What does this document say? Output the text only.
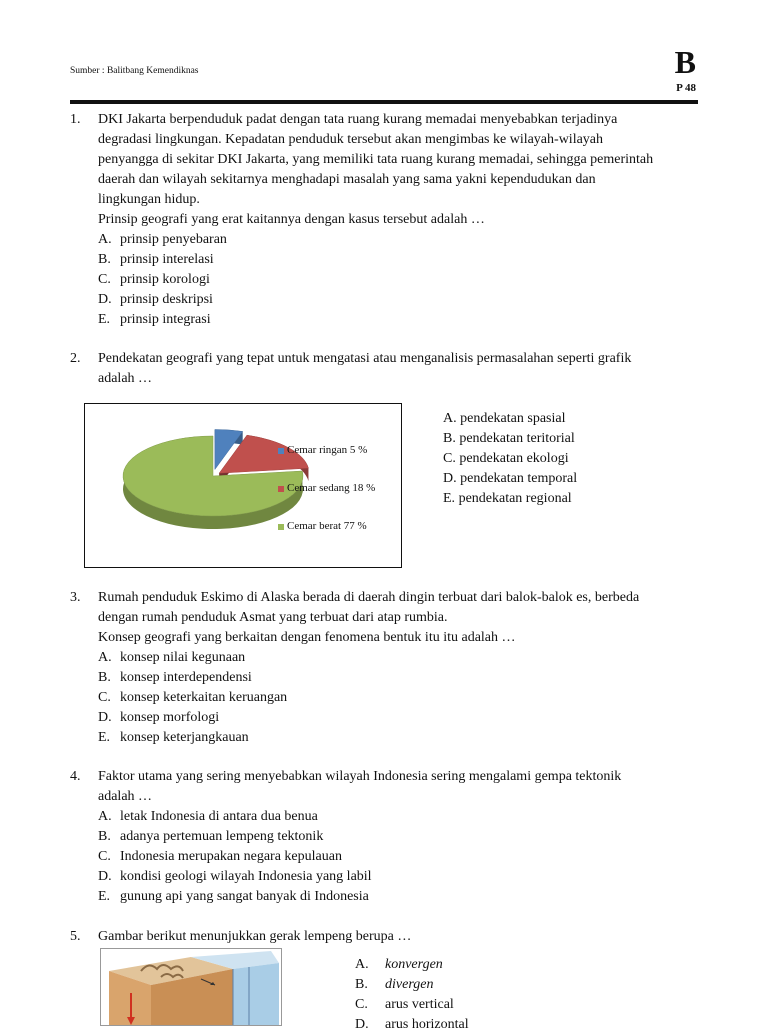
Sumber : Balitbang Kemendiknas	B
P 48
1. DKI Jakarta berpenduduk padat dengan tata ruang kurang memadai menyebabkan terjadinya
degradasi lingkungan. Kepadatan penduduk tersebut akan mengimbas ke wilayah-wilayah
penyangga di sekitar DKI Jakarta, yang memiliki tata ruang kurang memadai, sehingga pemerintah
daerah dan wilayah sekitarnya menghadapi masalah yang sama yakni kependudukan dan
lingkungan hidup.
Prinsip geografi yang erat kaitannya dengan kasus tersebut adalah …
A. prinsip penyebaran
B. prinsip interelasi
C. prinsip korologi
D. prinsip deskripsi
E. prinsip integrasi
2. Pendekatan geografi yang tepat untuk mengatasi atau menganalisis permasalahan seperti grafik
adalah …
Cemar ringan 5 %
Cemar sedang 18 %
Cemar berat 77 %
A. pendekatan spasial
B. pendekatan teritorial
C. pendekatan ekologi
D. pendekatan temporal
E. pendekatan regional
3. Rumah penduduk Eskimo di Alaska berada di daerah dingin terbuat dari balok-balok es, berbeda
dengan rumah penduduk Asmat yang terbuat dari atap rumbia.
Konsep geografi yang berkaitan dengan fenomena bentuk itu itu adalah …
A. konsep nilai kegunaan
B. konsep interdependensi
C. konsep keterkaitan keruangan
D. konsep morfologi
E. konsep keterjangkauan
4. Faktor utama yang sering menyebabkan wilayah Indonesia sering mengalami gempa tektonik
adalah …
A. letak Indonesia di antara dua benua
B. adanya pertemuan lempeng tektonik
C. Indonesia merupakan negara kepulauan
D. kondisi geologi wilayah Indonesia yang labil
E. gunung api yang sangat banyak di Indonesia
5. Gambar berikut menunjukkan gerak lempeng berupa …
A.	konvergen
B.	divergen
C.	arus vertical
D.	arus horizontal
